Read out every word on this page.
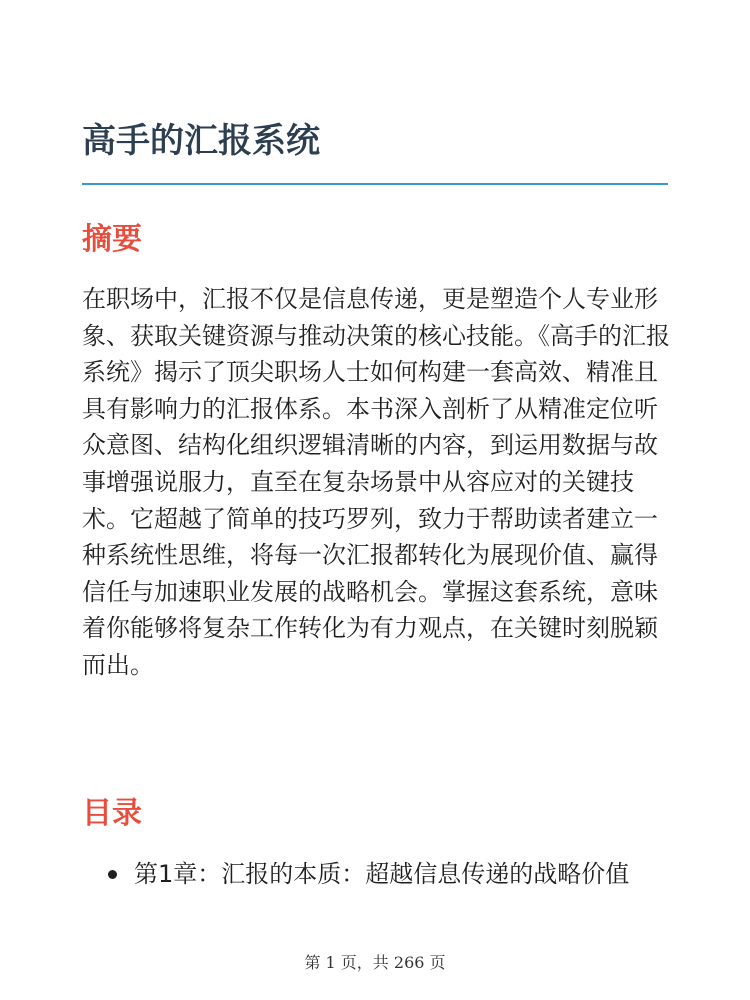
高手的汇报系统
摘要

在职场中，汇报不仅是信息传递，更是塑造个人专业形象、获取关键资源与推动决策的核心技能。《高手的汇报系统》揭示了顶尖职场人士如何构建一套高效、精准且具有影响力的汇报体系。本书深入剖析了从精准定位听众意图、结构化组织逻辑清晰的内容，到运用数据与故事增强说服力，直至在复杂场景中从容应对的关键技术。它超越了简单的技巧罗列，致力于帮助读者建立一种系统性思维，将每一次汇报都转化为展现价值、赢得信任与加速职业发展的战略机会。掌握这套系统，意味着你能够将复杂工作转化为有力观点，在关键时刻脱颖而出。

目录
第1章：汇报的本质：超越信息传递的战略价值
第 1 页，共 266 页
